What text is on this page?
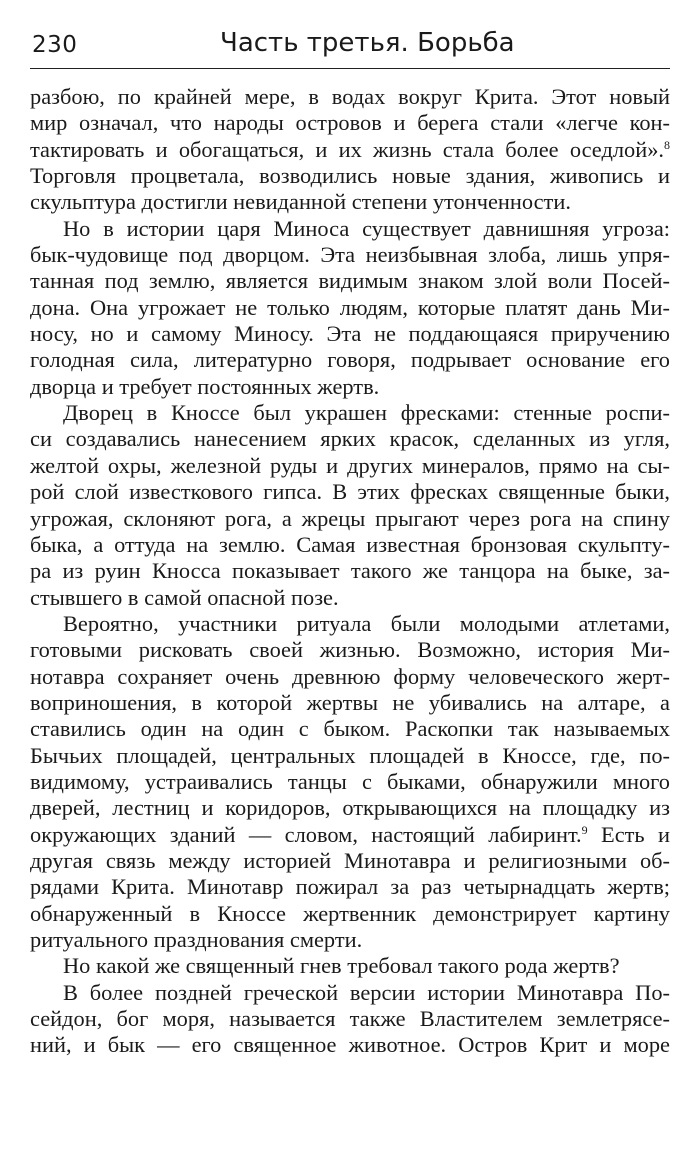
230	Часть третья. Борьба
разбою, по крайней мере, в водах вокруг Крита. Этот новый
мир означал, что народы островов и берега стали «легче кон-
тактировать и обогащаться, и их жизнь стала более оседлой».$^8$
Торговля процветала, возводились новые здания, живопись и
скульптура достигли невиданной степени утонченности.
Но в истории царя Миноса существует давнишняя угроза:
бык-чудовище под дворцом. Эта неизбывная злоба, лишь упря-
танная под землю, является видимым знаком злой воли Посей-
дона. Она угрожает не только людям, которые платят дань Ми-
носу, но и самому Миносу. Эта не поддающаяся приручению
голодная сила, литературно говоря, подрывает основание его
дворца и требует постоянных жертв.
Дворец в Кноссе был украшен фресками: стенные роспи-
си создавались нанесением ярких красок, сделанных из угля,
желтой охры, железной руды и других минералов, прямо на сы-
рой слой известкового гипса. В этих фресках священные быки,
угрожая, склоняют рога, а жрецы прыгают через рога на спину
быка, а оттуда на землю. Самая известная бронзовая скульпту-
ра из руин Кносса показывает такого же танцора на быке, за-
стывшего в самой опасной позе.
Вероятно, участники ритуала были молодыми атлетами,
готовыми рисковать своей жизнью. Возможно, история Ми-
нотавра сохраняет очень древнюю форму человеческого жерт-
воприношения, в которой жертвы не убивались на алтаре, а
ставились один на один с быком. Раскопки так называемых
Бычьих площадей, центральных площадей в Кноссе, где, по-
видимому, устраивались танцы с быками, обнаружили много
дверей, лестниц и коридоров, открывающихся на площадку из
окружающих зданий — словом, настоящий лабиринт.$^9$ Есть и
другая связь между историей Минотавра и религиозными об-
рядами Крита. Минотавр пожирал за раз четырнадцать жертв;
обнаруженный в Кноссе жертвенник демонстрирует картину
ритуального празднования смерти.
Но какой же священный гнев требовал такого рода жертв?
В более поздней греческой версии истории Минотавра По-
сейдон, бог моря, называется также Властителем землетрясе-
ний, и бык — его священное животное. Остров Крит и море
